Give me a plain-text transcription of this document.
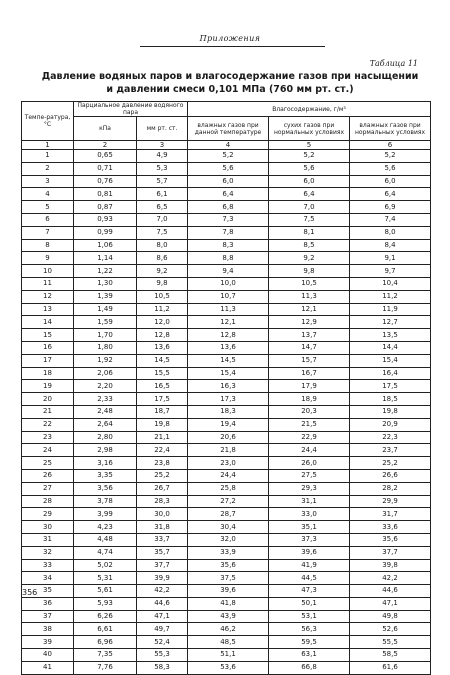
Приложения
Таблица 11
Давление водяных паров и влагосодержание газов при насыщении
и давлении смеси 0,101 МПа (760 мм рт. ст.)
Темпе-ратура, °С	Парциальное давление водяного пара		Влагосодержание, г/м³		
	кПа	мм рт. ст.	влажных газов при данной температуре	сухих газов при нормальных условиях	влажных газов при нормальных условиях

1	2	3	4	5	6
1	0,65	4,9	5,2	5,2	5,2
2	0,71	5,3	5,6	5,6	5,6
3	0,76	5,7	6,0	6,0	6,0
4	0,81	6,1	6,4	6,4	6,4
5	0,87	6,5	6,8	7,0	6,9
6	0,93	7,0	7,3	7,5	7,4
7	0,99	7,5	7,8	8,1	8,0
8	1,06	8,0	8,3	8,5	8,4
9	1,14	8,6	8,8	9,2	9,1
10	1,22	9,2	9,4	9,8	9,7
11	1,30	9,8	10,0	10,5	10,4
12	1,39	10,5	10,7	11,3	11,2
13	1,49	11,2	11,3	12,1	11,9
14	1,59	12,0	12,1	12,9	12,7
15	1,70	12,8	12,8	13,7	13,5
16	1,80	13,6	13,6	14,7	14,4
17	1,92	14,5	14,5	15,7	15,4
18	2,06	15,5	15,4	16,7	16,4
19	2,20	16,5	16,3	17,9	17,5
20	2,33	17,5	17,3	18,9	18,5
21	2,48	18,7	18,3	20,3	19,8
22	2,64	19,8	19,4	21,5	20,9
23	2,80	21,1	20,6	22,9	22,3
24	2,98	22,4	21,8	24,4	23,7
25	3,16	23,8	23,0	26,0	25,2
26	3,35	25,2	24,4	27,5	26,6
27	3,56	26,7	25,8	29,3	28,2
28	3,78	28,3	27,2	31,1	29,9
29	3,99	30,0	28,7	33,0	31,7
30	4,23	31,8	30,4	35,1	33,6
31	4,48	33,7	32,0	37,3	35,6
32	4,74	35,7	33,9	39,6	37,7
33	5,02	37,7	35,6	41,9	39,8
34	5,31	39,9	37,5	44,5	42,2
35	5,61	42,2	39,6	47,3	44,6
36	5,93	44,6	41,8	50,1	47,1
37	6,26	47,1	43,9	53,1	49,8
38	6,61	49,7	46,2	56,3	52,6
39	6,96	52,4	48,5	59,5	55,5
40	7,35	55,3	51,1	63,1	58,5
41	7,76	58,3	53,6	66,8	61,6
356
